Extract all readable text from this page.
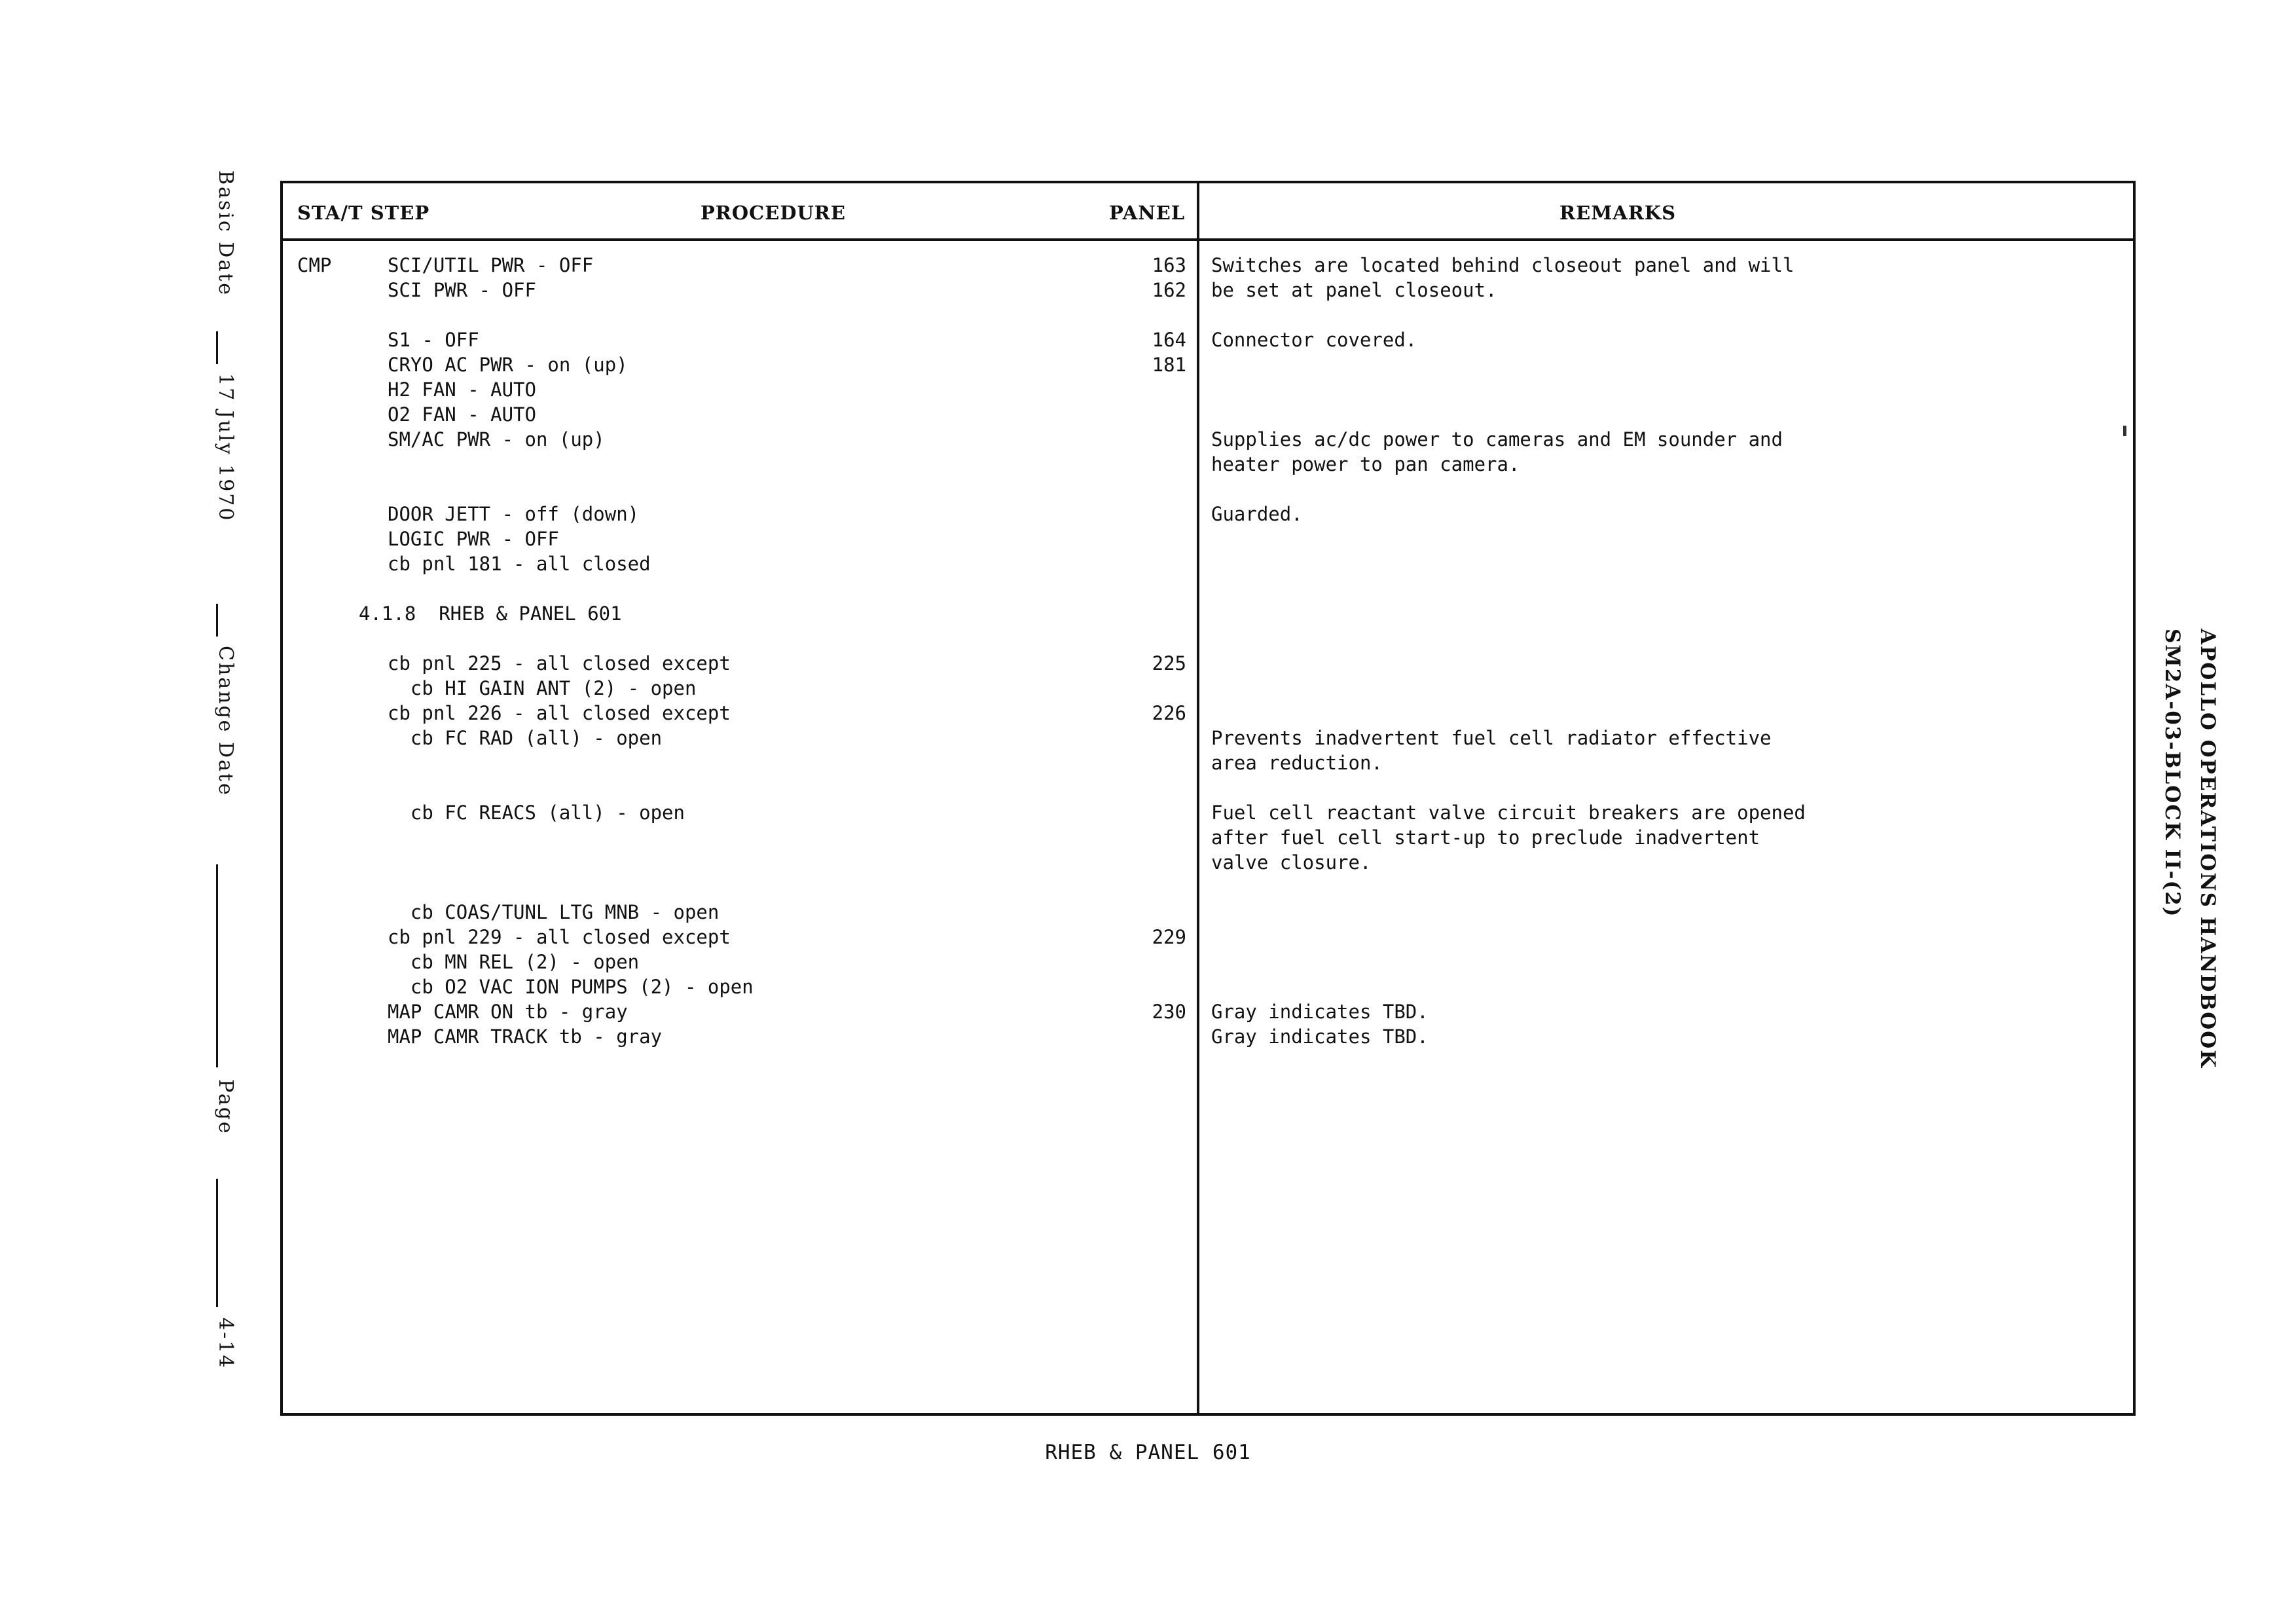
Basic Date
17 July 1970
Change Date
Page
4-14
APOLLO OPERATIONS HANDBOOK
SM2A-03-BLOCK II-(2)
STA/T STEP	PROCEDURE	PANEL	REMARKS
CMP	SCI/UTIL PWR - OFF	163 Switches are located behind closeout panel and will
SCI PWR - OFF	162 be set at panel closeout.
S1 - OFF	164 Connector covered.
CRYO AC PWR - on (up)	181
H2 FAN - AUTO
O2 FAN - AUTO
SM/AC PWR - on (up)	Supplies ac/dc power to cameras and EM sounder and
heater power to pan camera.
DOOR JETT - off (down)	Guarded.
LOGIC PWR - OFF
cb pnl 181 - all closed
4.1.8  RHEB & PANEL 601
cb pnl 225 - all closed except	225
cb HI GAIN ANT (2) - open
cb pnl 226 - all closed except	226
cb FC RAD (all) - open	Prevents inadvertent fuel cell radiator effective
area reduction.
cb FC REACS (all) - open	Fuel cell reactant valve circuit breakers are opened
after fuel cell start-up to preclude inadvertent
valve closure.
cb COAS/TUNL LTG MNB - open
cb pnl 229 - all closed except	229
cb MN REL (2) - open
cb O2 VAC ION PUMPS (2) - open
MAP CAMR ON tb - gray	230 Gray indicates TBD.
MAP CAMR TRACK tb - gray	Gray indicates TBD.
RHEB & PANEL 601
